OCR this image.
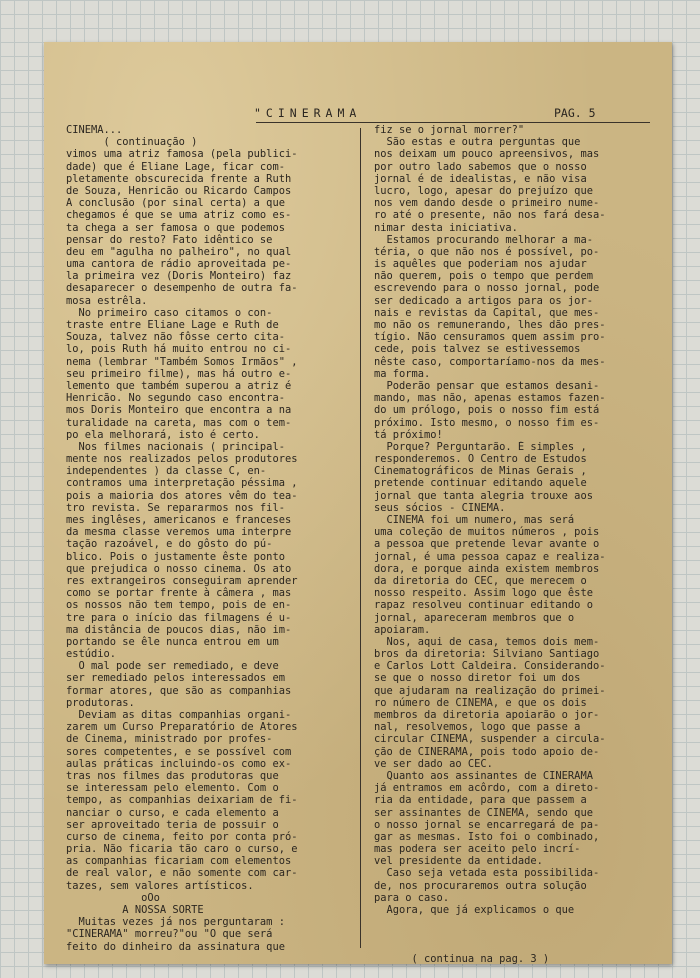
"CINERAMA	PAG. 5
CINEMA...
( continuação )
vimos uma atriz famosa (pela publici-
dade) que é Eliane Lage, ficar com-
pletamente obscurecida frente a Ruth
de Souza, Henricão ou Ricardo Campos
A conclusão (por sinal certa) a que
chegamos é que se uma atriz como es-
ta chega a ser famosa o que podemos
pensar do resto? Fato idêntico se
deu em "agulha no palheiro", no qual
uma cantora de rádio aproveitada pe-
la primeira vez (Doris Monteiro) faz
desaparecer o desempenho de outra fa-
mosa estrêla.
No primeiro caso citamos o con-
traste entre Eliane Lage e Ruth de
Souza, talvez não fôsse certo cita-
lo, pois Ruth há muito entrou no ci-
nema (lembrar "Também Somos Irmãos" ,
seu primeiro filme), mas há outro e-
lemento que também superou a atriz é
Henricão. No segundo caso encontra-
mos Doris Monteiro que encontra a na
turalidade na careta, mas com o tem-
po ela melhorará, isto é certo.
Nos filmes nacionais ( principal-
mente nos realizados pelos produtores
independentes ) da classe C, en-
contramos uma interpretação péssima ,
pois a maioria dos atores vêm do tea-
tro revista. Se repararmos nos fil-
mes inglêses, americanos e franceses
da mesma classe veremos uma interpre
tação razoável, e do gôsto do pú-
blico. Pois o justamente êste ponto
que prejudica o nosso cinema. Os ato
res extrangeiros conseguiram aprender
como se portar frente à câmera , mas
os nossos não tem tempo, pois de en-
tre para o início das filmagens é u-
ma distância de poucos dias, não im-
portando se êle nunca entrou em um
estúdio.
O mal pode ser remediado, e deve
ser remediado pelos interessados em
formar atores, que são as companhias
produtoras.
Deviam as ditas companhias organi-
zarem um Curso Preparatório de Atores
de Cinema, ministrado por profes-
sores competentes, e se possível com
aulas práticas incluindo-os como ex-
tras nos filmes das produtoras que
se interessam pelo elemento. Com o
tempo, as companhias deixariam de fi-
nanciar o curso, e cada elemento a
ser aproveitado teria de possuir o
curso de cinema, feito por conta pró-
pria. Não ficaria tão caro o curso, e
as companhias ficariam com elementos
de real valor, e não somente com car-
tazes, sem valores artísticos.
oOo
A NOSSA SORTE
Muitas vezes já nos perguntaram :
"CINERAMA" morreu?"ou "O que será
feito do dinheiro da assinatura que
fiz se o jornal morrer?"
São estas e outra perguntas que
nos deixam um pouco apreensivos, mas
por outro lado sabemos que o nosso
jornal é de idealistas, e não visa
lucro, logo, apesar do prejuízo que
nos vem dando desde o primeiro nume-
ro até o presente, não nos fará desa-
nimar desta iniciativa.
Estamos procurando melhorar a ma-
téria, o que não nos é possível, po-
is aquêles que poderiam nos ajudar
não querem, pois o tempo que perdem
escrevendo para o nosso jornal, pode
ser dedicado a artigos para os jor-
nais e revistas da Capital, que mes-
mo não os remunerando, lhes dão pres-
tígio. Não censuramos quem assim pro-
cede, pois talvez se estivessemos
nêste caso, comportaríamo-nos da mes-
ma forma.
Poderão pensar que estamos desani-
mando, mas não, apenas estamos fazen-
do um prólogo, pois o nosso fim está
próximo. Isto mesmo, o nosso fim es-
tá próximo!
Porque? Perguntarão. É simples ,
responderemos. O Centro de Estudos
Cinematográficos de Minas Gerais ,
pretende continuar editando aquele
jornal que tanta alegria trouxe aos
seus sócios - CINEMA.
CINEMA foi um numero, mas será
uma coleção de muitos números , pois
a pessoa que pretende levar avante o
jornal, é uma pessoa capaz e realiza-
dora, e porque ainda existem membros
da diretoria do CEC, que merecem o
nosso respeito. Assim logo que êste
rapaz resolveu continuar editando o
jornal, apareceram membros que o
apoiaram.
Nos, aqui de casa, temos dois mem-
bros da diretoria: Silviano Santiago
e Carlos Lott Caldeira. Considerando-
se que o nosso diretor foi um dos
que ajudaram na realização do primei-
ro número de CINEMA, e que os dois
membros da diretoria apoiarão o jor-
nal, resolvemos, logo que passe a
circular CINEMA, suspender a circula-
ção de CINERAMA, pois todo apoio de-
ve ser dado ao CEC.
Quanto aos assinantes de CINERAMA
já entramos em acôrdo, com a direto-
ria da entidade, para que passem a
ser assinantes de CINEMA, sendo que
o nosso jornal se encarregará de pa-
gar as mesmas. Isto foi o combinado,
mas podera ser aceito pelo incrí-
vel presidente da entidade.
Caso seja vetada esta possibilida-
de, nos procuraremos outra solução
para o caso.
Agora, que já explicamos o que
( continua na pag. 3 )
